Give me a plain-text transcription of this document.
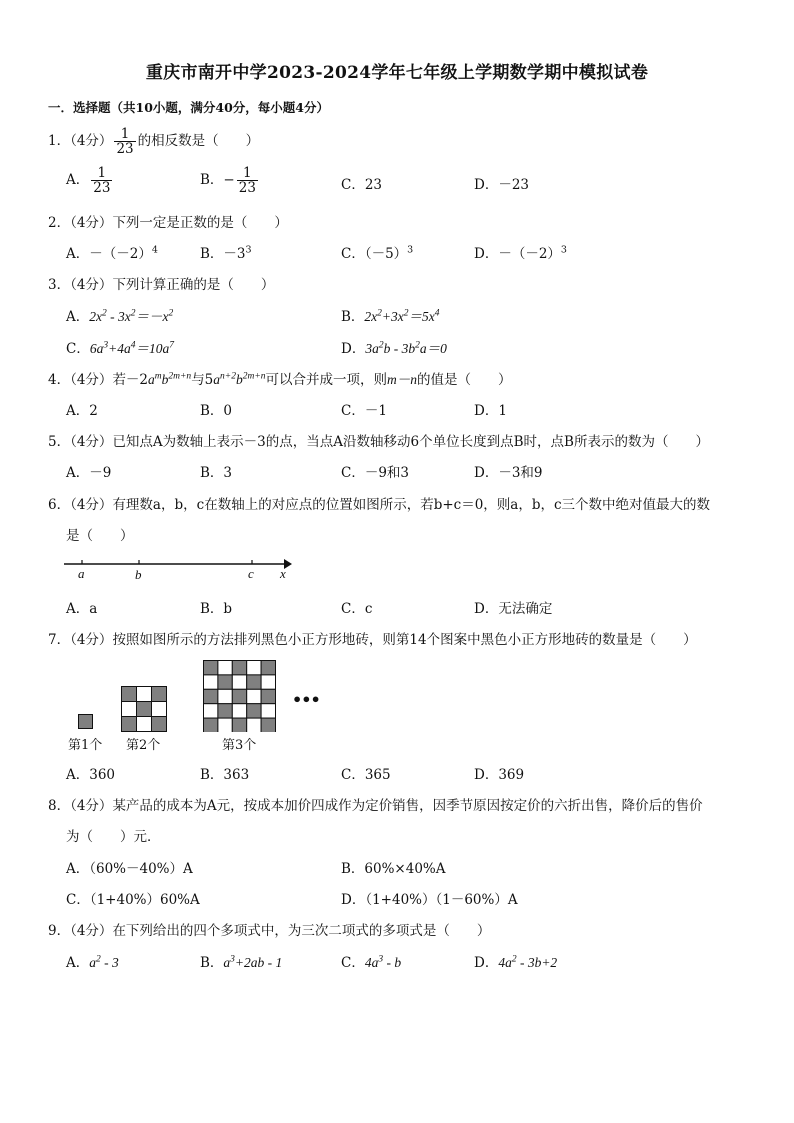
重庆市南开中学2023-2024学年七年级上学期数学期中模拟试卷
一．选择题（共10小题，满分40分，每小题4分）
1．（4分） $\frac{1}{23}$ 的相反数是（　　）
A． $\frac{1}{23}$	B．− $\frac{1}{23}$	C．23	D．－23
2．（4分）下列一定是正数的是（　　）
A．$-(-2)^4$	B．$-3^3$	C．$(-5)^3$	D．$-(-2)^3$
3．（4分）下列计算正确的是（　　）
A．$2x^2 - 3x^2=-x^2$	B．$2x^2+3x^2=5x^4$
C．$6a^3+4a^4=10a^7$	D．$3a^2b - 3b^2a=0$
4．（4分）若$-2a^mb^{2m+n}$与$5a^{n+2}b^{2m+n}$可以合并成一项，则m－n的值是（　　）
A．2	B．0	C．－1	D．1
5．（4分）已知点A为数轴上表示－3的点，当点A沿数轴移动6个单位长度到点B时，点B所表示的数为（　　）
A．－9	B．3	C．－9和3	D．－3和9
6．（4分）有理数a，b，c在数轴上的对应点的位置如图所示，若b+c＝0，则a，b，c三个数中绝对值最大的数
是（　　）
a	b	c x
A．a	B．b	C．c	D．无法确定
7．（4分）按照如图所示的方法排列黑色小正方形地砖，则第14个图案中黑色小正方形地砖的数量是（　　）
•••
第1个 第2个	第3个
A．360	B．363	C．365	D．369
8．（4分）某产品的成本为A元，按成本加价四成作为定价销售，因季节原因按定价的六折出售，降价后的售价
为（　　）元．
A．（60%－40%）A	B．60%×40%A
C．（1+40%）60%A	D．（1+40%）（1－60%）A
9．（4分）在下列给出的四个多项式中，为三次二项式的多项式是（　　）
A．$a^2 - 3$	B．$a^3+2ab - 1$	C．$4a^3$ - b	D．$4a^2 - 3b+2$
